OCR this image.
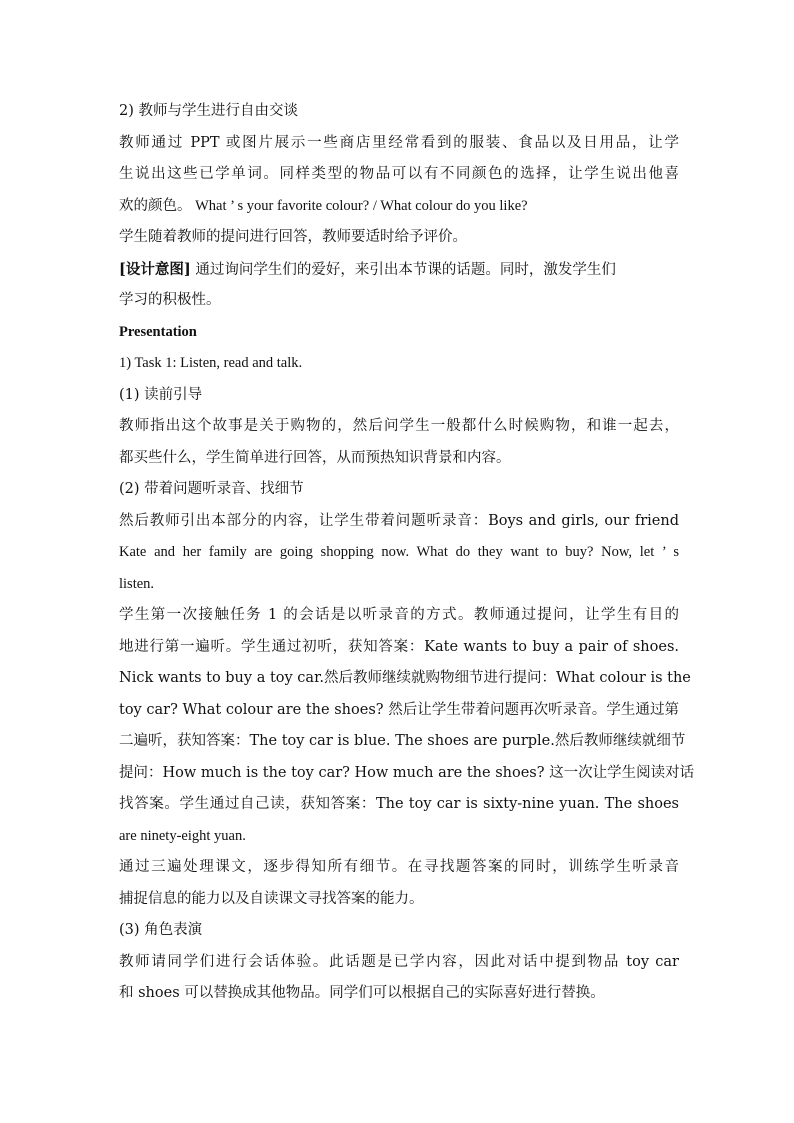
2) 教师与学生进行自由交谈
教师通过 PPT 或图片展示一些商店里经常看到的服装、食品以及日用品，让学
生说出这些已学单词。同样类型的物品可以有不同颜色的选择，让学生说出他喜
欢的颜色。 What ’ s your favorite colour? / What colour do you like?
学生随着教师的提问进行回答，教师要适时给予评价。
[设计意图] 通过询问学生们的爱好，来引出本节课的话题。同时，激发学生们
学习的积极性。
Presentation
1) Task 1: Listen, read and talk.
(1) 读前引导
教师指出这个故事是关于购物的，然后问学生一般都什么时候购物，和谁一起去，
都买些什么，学生简单进行回答，从而预热知识背景和内容。
(2) 带着问题听录音、找细节
然后教师引出本部分的内容，让学生带着问题听录音：Boys and girls, our friend
Kate and her family are going shopping now. What do they want to buy? Now, let ’ s
listen.
学生第一次接触任务 1 的会话是以听录音的方式。教师通过提问，让学生有目的
地进行第一遍听。学生通过初听，获知答案：Kate wants to buy a pair of shoes.
Nick wants to buy a toy car.然后教师继续就购物细节进行提问：What colour is the
toy car? What colour are the shoes? 然后让学生带着问题再次听录音。学生通过第
二遍听，获知答案：The toy car is blue. The shoes are purple.然后教师继续就细节
提问：How much is the toy car? How much are the shoes? 这一次让学生阅读对话
找答案。学生通过自己读，获知答案：The toy car is sixty-nine yuan. The shoes
are ninety-eight yuan.
通过三遍处理课文，逐步得知所有细节。在寻找题答案的同时，训练学生听录音
捕捉信息的能力以及自读课文寻找答案的能力。
(3) 角色表演
教师请同学们进行会话体验。此话题是已学内容，因此对话中提到物品 toy car
和 shoes 可以替换成其他物品。同学们可以根据自己的实际喜好进行替换。
